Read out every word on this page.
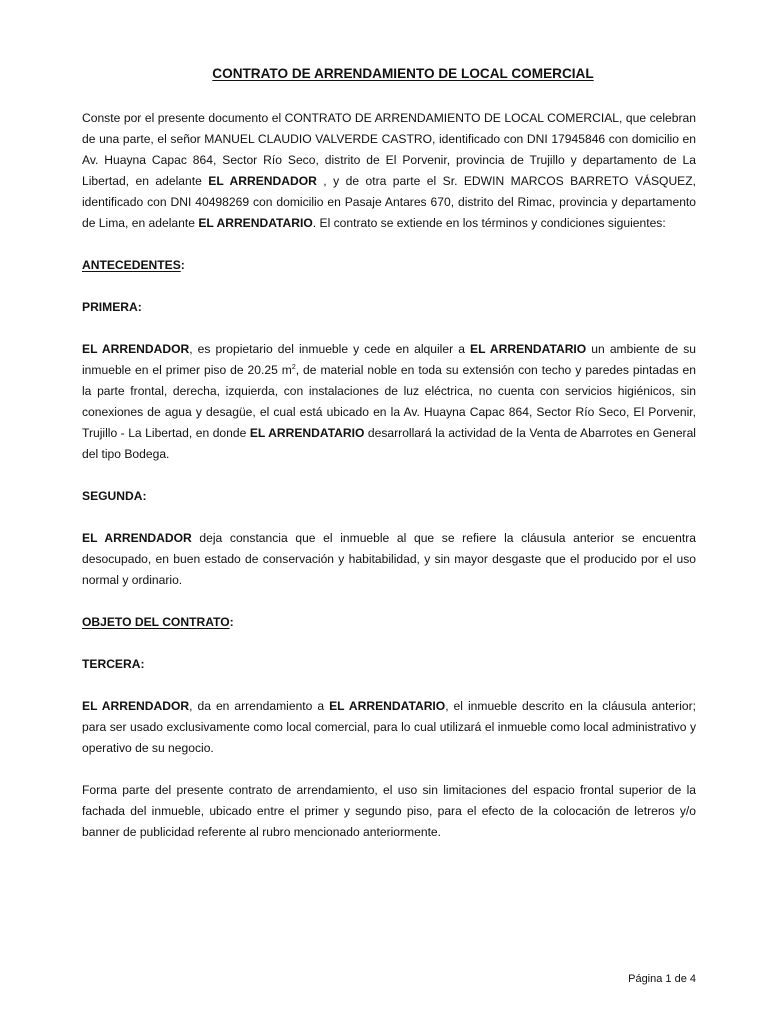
CONTRATO DE ARRENDAMIENTO DE LOCAL COMERCIAL

Conste por el presente documento el CONTRATO DE ARRENDAMIENTO DE LOCAL COMERCIAL, que celebran de una parte, el señor MANUEL CLAUDIO VALVERDE CASTRO, identificado con DNI 17945846 con domicilio en Av. Huayna Capac 864, Sector Río Seco, distrito de El Porvenir, provincia de Trujillo y departamento de La Libertad, en adelante EL ARRENDADOR , y de otra parte el Sr. EDWIN MARCOS BARRETO VÁSQUEZ, identificado con DNI 40498269 con domicilio en Pasaje Antares 670, distrito del Rimac, provincia y departamento de Lima, en adelante EL ARRENDATARIO. El contrato se extiende en los términos y condiciones siguientes:

ANTECEDENTES:

PRIMERA:

EL ARRENDADOR, es propietario del inmueble y cede en alquiler a EL ARRENDATARIO un ambiente de su inmueble en el primer piso de 20.25 $m^2$, de material noble en toda su extensión con techo y paredes pintadas en la parte frontal, derecha, izquierda, con instalaciones de luz eléctrica, no cuenta con servicios higiénicos, sin conexiones de agua y desagüe, el cual está ubicado en la Av. Huayna Capac 864, Sector Río Seco, El Porvenir, Trujillo - La Libertad, en donde EL ARRENDATARIO desarrollará la actividad de la Venta de Abarrotes en General del tipo Bodega.

SEGUNDA:

EL ARRENDADOR deja constancia que el inmueble al que se refiere la cláusula anterior se encuentra desocupado, en buen estado de conservación y habitabilidad, y sin mayor desgaste que el producido por el uso normal y ordinario.

OBJETO DEL CONTRATO:

TERCERA:

EL ARRENDADOR, da en arrendamiento a EL ARRENDATARIO, el inmueble descrito en la cláusula anterior; para ser usado exclusivamente como local comercial, para lo cual utilizará el inmueble como local administrativo y operativo de su negocio.

Forma parte del presente contrato de arrendamiento, el uso sin limitaciones del espacio frontal superior de la fachada del inmueble, ubicado entre el primer y segundo piso, para el efecto de la colocación de letreros y/o banner de publicidad referente al rubro mencionado anteriormente.

Página 1 de 4
